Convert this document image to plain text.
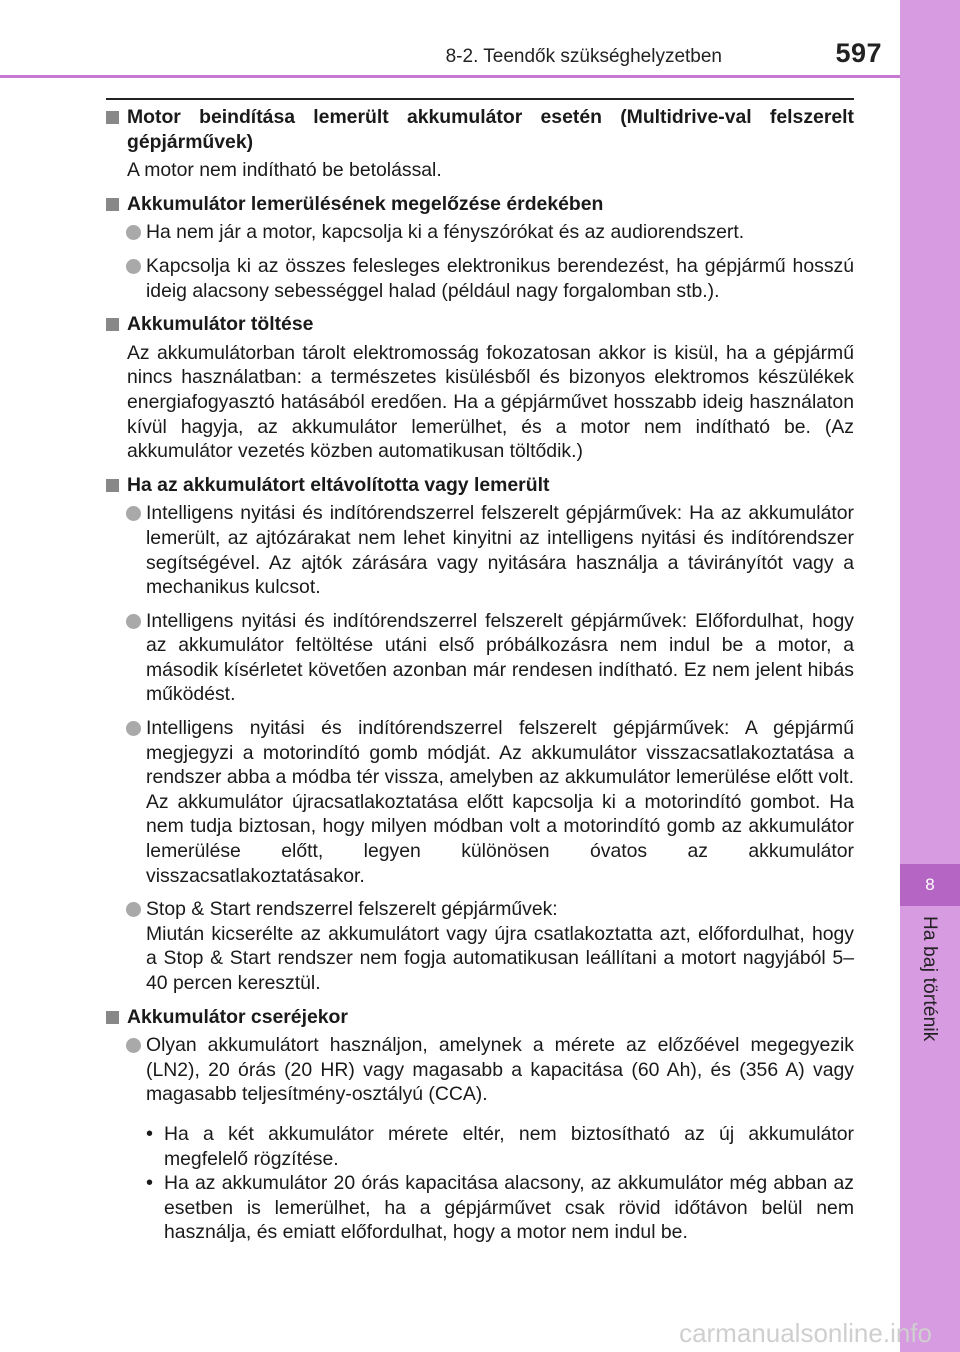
8-2. Teendők szükséghelyzetben	597
8
Ha baj történik
Motor beindítása lemerült akkumulátor esetén (Multidrive-val felszerelt gépjárművek)
A motor nem indítható be betolással.
Akkumulátor lemerülésének megelőzése érdekében
Ha nem jár a motor, kapcsolja ki a fényszórókat és az audiorendszert.
Kapcsolja ki az összes felesleges elektronikus berendezést, ha gépjármű hosszú ideig alacsony sebességgel halad (például nagy forgalomban stb.).
Akkumulátor töltése
Az akkumulátorban tárolt elektromosság fokozatosan akkor is kisül, ha a gépjármű nincs használatban: a természetes kisülésből és bizonyos elektromos készülékek energiafogyasztó hatásából eredően. Ha a gépjárművet hosszabb ideig használaton kívül hagyja, az akkumulátor lemerülhet, és a motor nem indítható be. (Az akkumulátor vezetés közben automatikusan töltődik.)
Ha az akkumulátort eltávolította vagy lemerült
Intelligens nyitási és indítórendszerrel felszerelt gépjárművek: Ha az akkumulátor lemerült, az ajtózárakat nem lehet kinyitni az intelligens nyitási és indítórendszer segítségével. Az ajtók zárására vagy nyitására használja a távirányítót vagy a mechanikus kulcsot.
Intelligens nyitási és indítórendszerrel felszerelt gépjárművek: Előfordulhat, hogy az akkumulátor feltöltése utáni első próbálkozásra nem indul be a motor, a második kísérletet követően azonban már rendesen indítható. Ez nem jelent hibás működést.
Intelligens nyitási és indítórendszerrel felszerelt gépjárművek: A gépjármű megjegyzi a motorindító gomb módját. Az akkumulátor visszacsatlakoztatása a rendszer abba a módba tér vissza, amelyben az akkumulátor lemerülése előtt volt. Az akkumulátor újracsatlakoztatása előtt kapcsolja ki a motorindító gombot. Ha nem tudja biztosan, hogy milyen módban volt a motorindító gomb az akkumulátor lemerülése előtt, legyen különösen óvatos az akkumulátor visszacsatlakoztatásakor.
Stop & Start rendszerrel felszerelt gépjárművek:
Miután kicserélte az akkumulátort vagy újra csatlakoztatta azt, előfordulhat, hogy a Stop & Start rendszer nem fogja automatikusan leállítani a motort nagyjából 5–40 percen keresztül.
Akkumulátor cseréjekor
Olyan akkumulátort használjon, amelynek a mérete az előzőével megegyezik (LN2), 20 órás (20 HR) vagy magasabb a kapacitása (60 Ah), és (356 A) vagy magasabb teljesítmény-osztályú (CCA).
• Ha a két akkumulátor mérete eltér, nem biztosítható az új akkumulátor megfelelő rögzítése.
• Ha az akkumulátor 20 órás kapacitása alacsony, az akkumulátor még abban az esetben is lemerülhet, ha a gépjárművet csak rövid időtávon belül nem használja, és emiatt előfordulhat, hogy a motor nem indul be.
carmanualsonline.info
